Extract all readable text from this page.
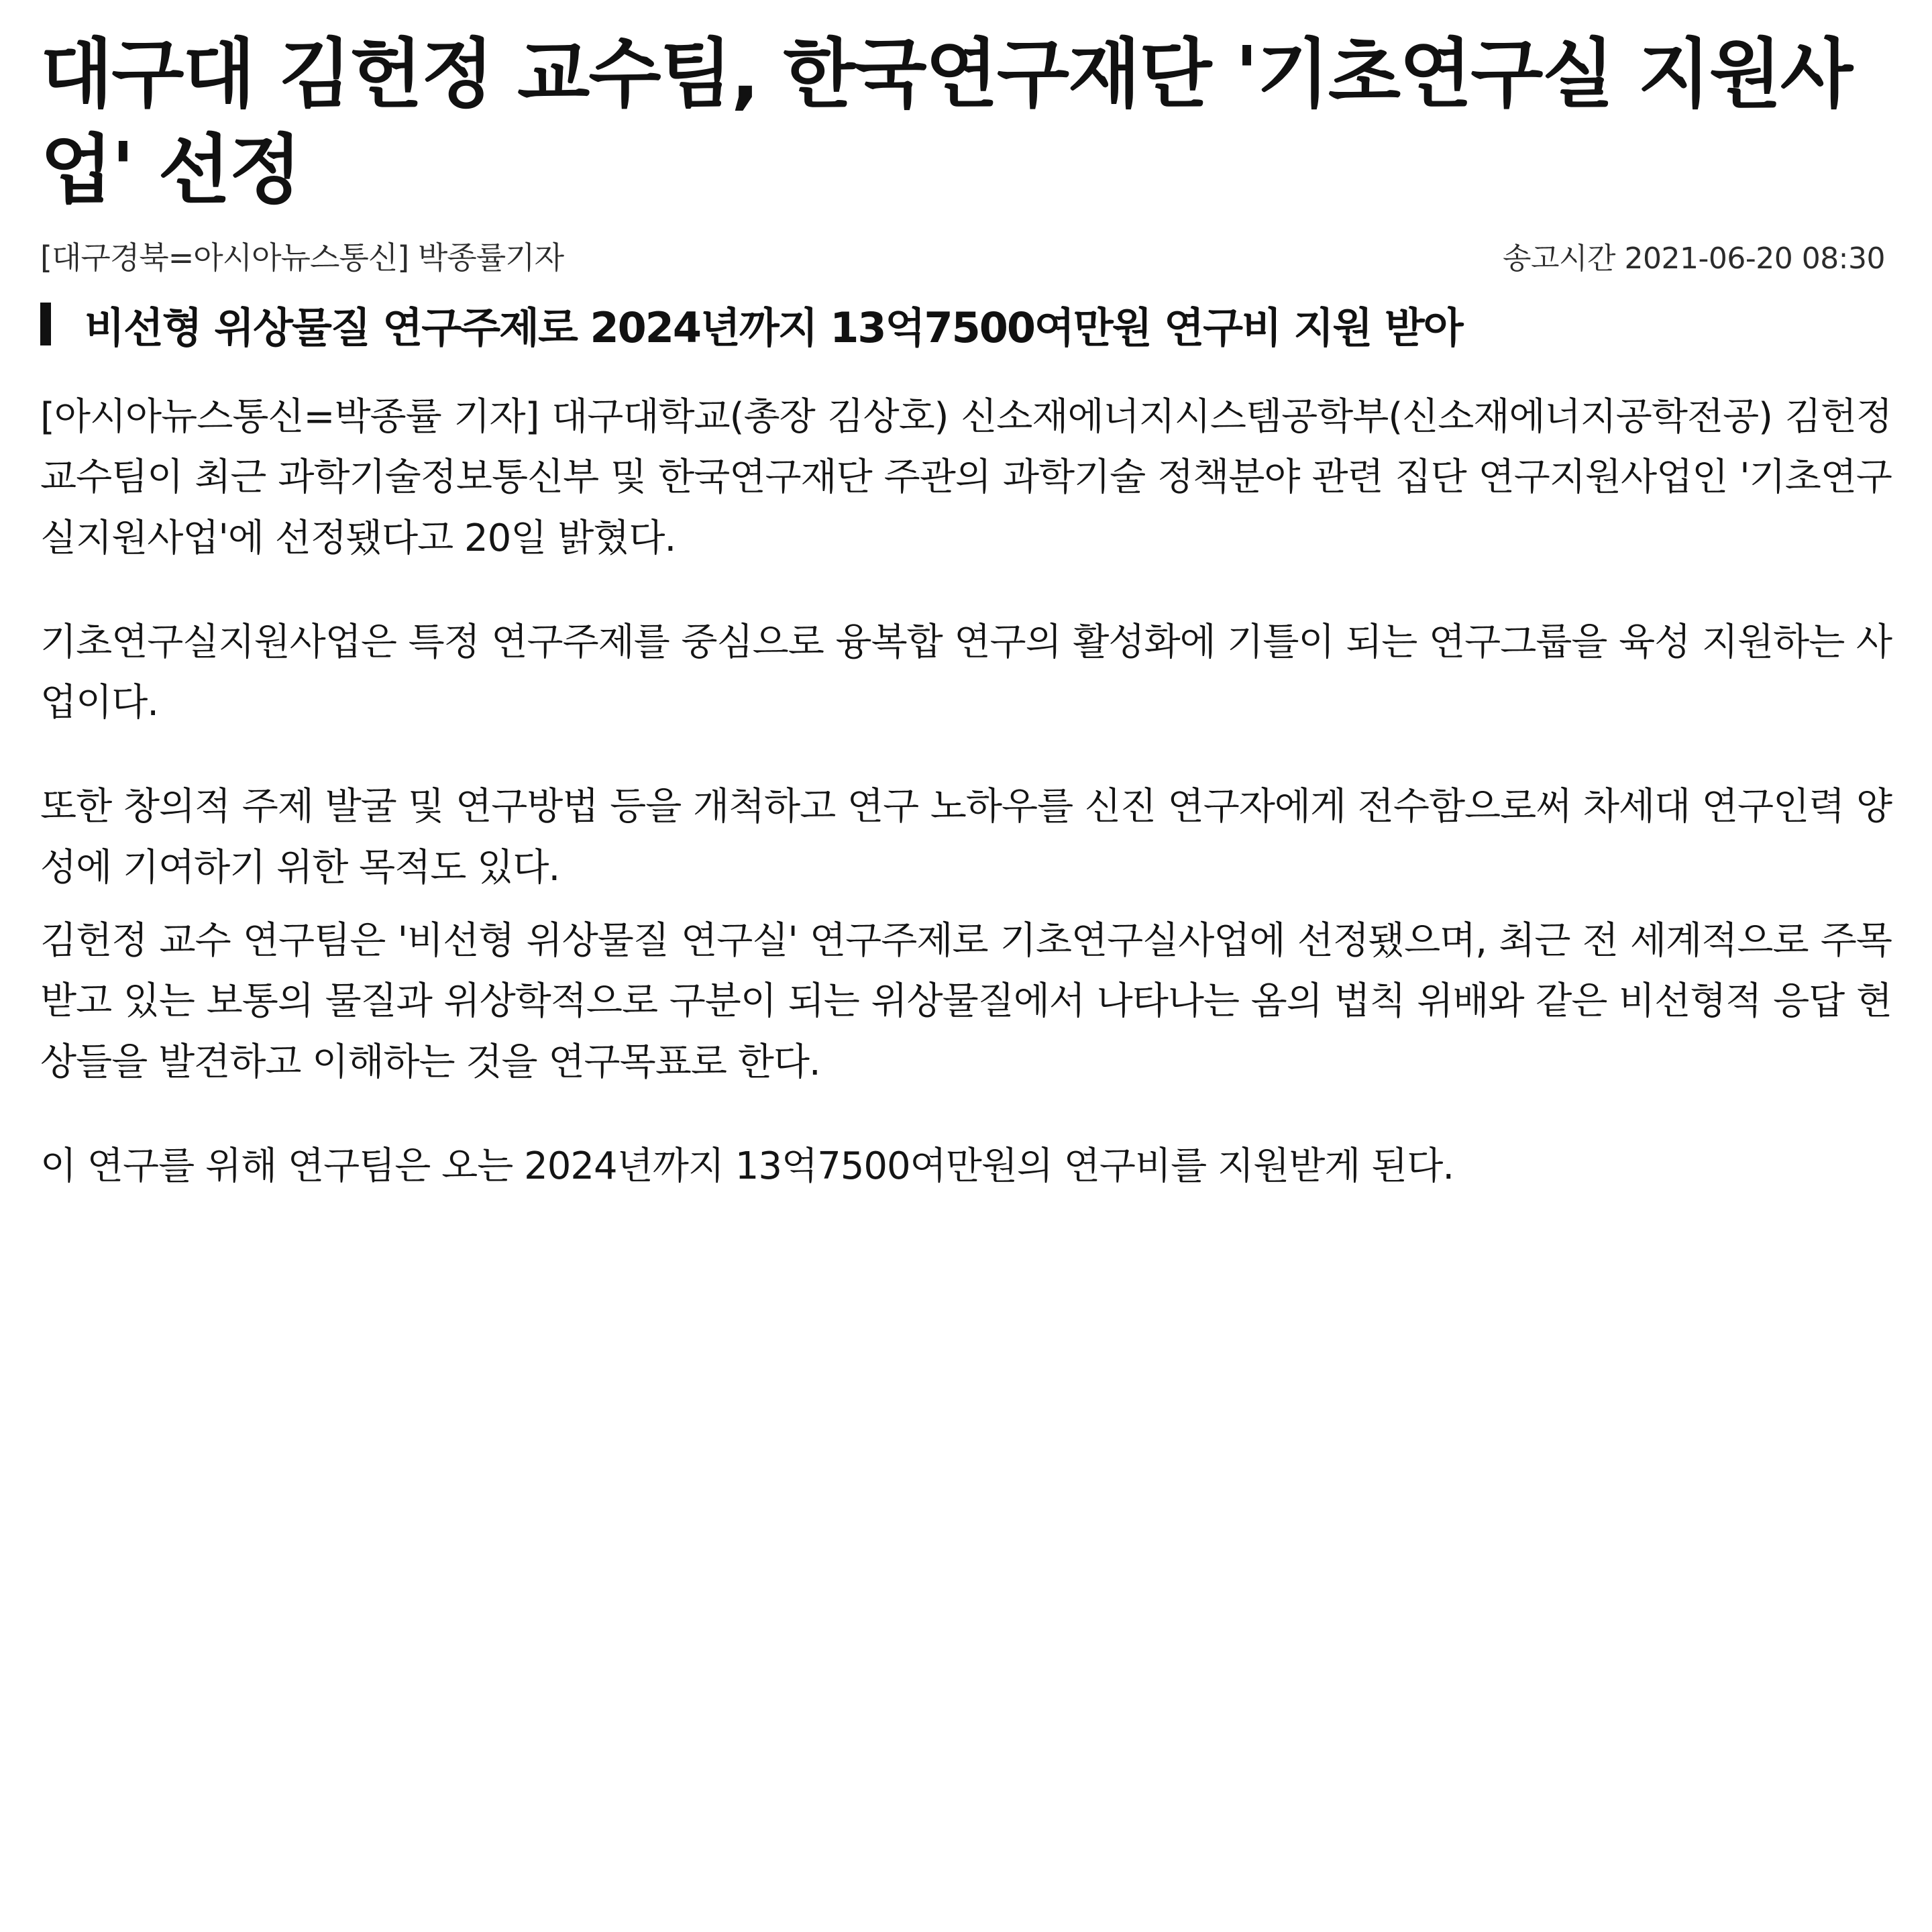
대구대 김헌정 교수팀, 한국연구재단 '기초연구실 지원사업' 선정
[대구경북=아시아뉴스통신] 박종률기자	송고시간 2021-06-20 08:30
비선형 위상물질 연구주제로 2024년까지 13억7500여만원 연구비 지원 받아

[아시아뉴스통신=박종률 기자] 대구대학교(총장 김상호) 신소재에너지시스템공학부(신소재에너지공학전공) 김헌정 교수팀이 최근 과학기술정보통신부 및 한국연구재단 주관의 과학기술 정책분야 관련 집단 연구지원사업인 '기초연구실지원사업'에 선정됐다고 20일 밝혔다.

기초연구실지원사업은 특정 연구주제를 중심으로 융복합 연구의 활성화에 기틀이 되는 연구그룹을 육성 지원하는 사업이다.

또한 창의적 주제 발굴 및 연구방법 등을 개척하고 연구 노하우를 신진 연구자에게 전수함으로써 차세대 연구인력 양성에 기여하기 위한 목적도 있다.

김헌정 교수 연구팀은 '비선형 위상물질 연구실' 연구주제로 기초연구실사업에 선정됐으며, 최근 전 세계적으로 주목받고 있는 보통의 물질과 위상학적으로 구분이 되는 위상물질에서 나타나는 옴의 법칙 위배와 같은 비선형적 응답 현상들을 발견하고 이해하는 것을 연구목표로 한다.

이 연구를 위해 연구팀은 오는 2024년까지 13억7500여만원의 연구비를 지원받게 된다.
